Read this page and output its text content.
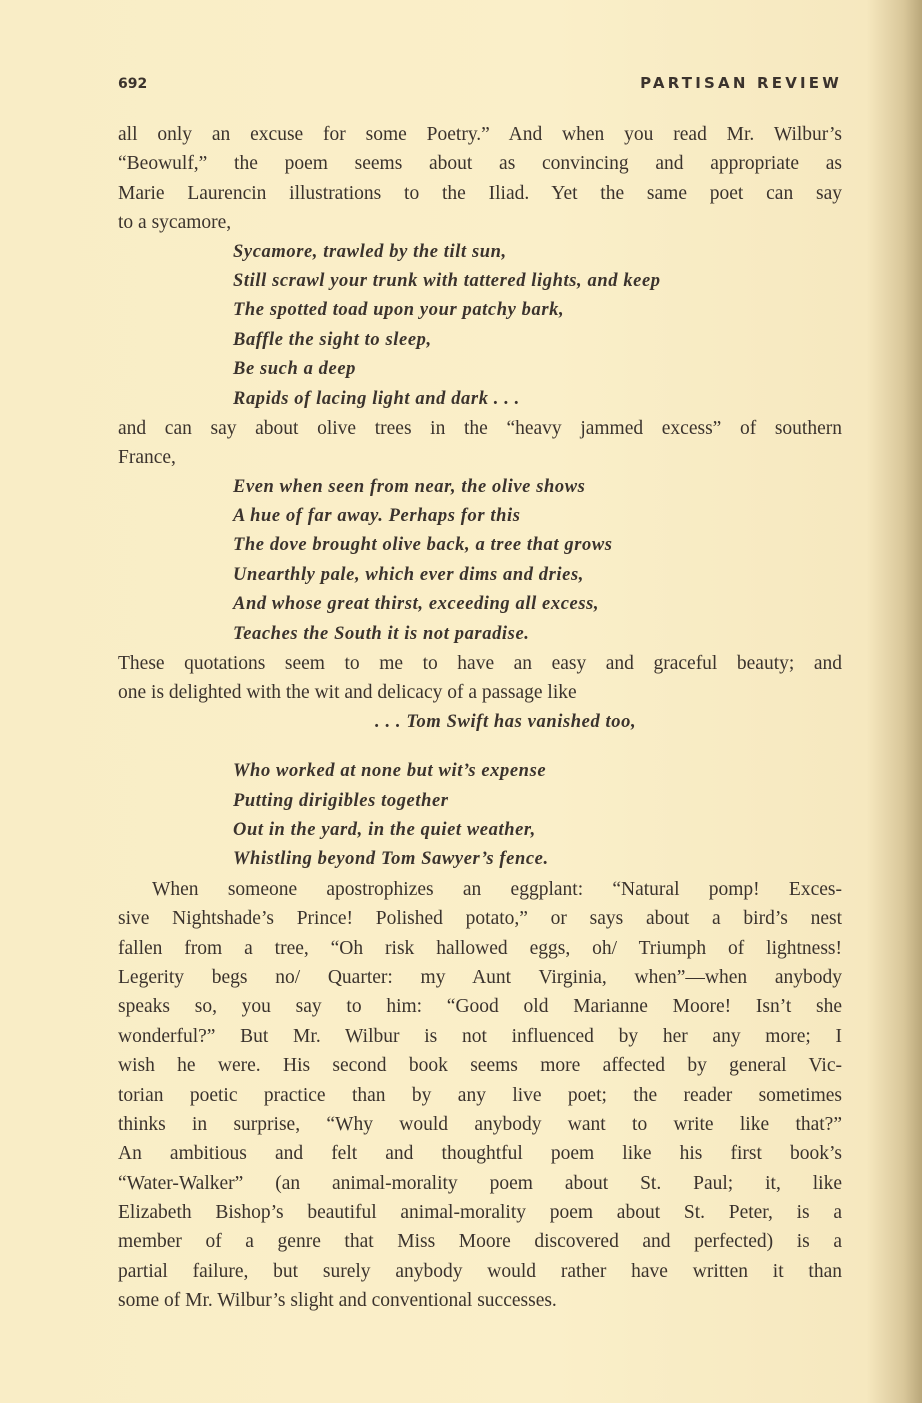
692	PARTISAN REVIEW
all only an excuse for some Poetry.” And when you read Mr. Wilbur’s
“Beowulf,” the poem seems about as convincing and appropriate as
Marie Laurencin illustrations to the Iliad. Yet the same poet can say
to a sycamore,
Sycamore, trawled by the tilt sun,
Still scrawl your trunk with tattered lights, and keep
The spotted toad upon your patchy bark,
Baffle the sight to sleep,
Be such a deep
Rapids of lacing light and dark . . .
and can say about olive trees in the “heavy jammed excess” of southern
France,
Even when seen from near, the olive shows
A hue of far away. Perhaps for this
The dove brought olive back, a tree that grows
Unearthly pale, which ever dims and dries,
And whose great thirst, exceeding all excess,
Teaches the South it is not paradise.
These quotations seem to me to have an easy and graceful beauty; and
one is delighted with the wit and delicacy of a passage like
. . . Tom Swift has vanished too,
Who worked at none but wit’s expense
Putting dirigibles together
Out in the yard, in the quiet weather,
Whistling beyond Tom Sawyer’s fence.
When someone apostrophizes an eggplant: “Natural pomp! Exces-
sive Nightshade’s Prince! Polished potato,” or says about a bird’s nest
fallen from a tree, “Oh risk hallowed eggs, oh/ Triumph of lightness!
Legerity begs no/ Quarter: my Aunt Virginia, when”—when anybody
speaks so, you say to him: “Good old Marianne Moore! Isn’t she
wonderful?” But Mr. Wilbur is not influenced by her any more; I
wish he were. His second book seems more affected by general Vic-
torian poetic practice than by any live poet; the reader sometimes
thinks in surprise, “Why would anybody want to write like that?”
An ambitious and felt and thoughtful poem like his first book’s
“Water-Walker” (an animal-morality poem about St. Paul; it, like
Elizabeth Bishop’s beautiful animal-morality poem about St. Peter, is a
member of a genre that Miss Moore discovered and perfected) is a
partial failure, but surely anybody would rather have written it than
some of Mr. Wilbur’s slight and conventional successes.
